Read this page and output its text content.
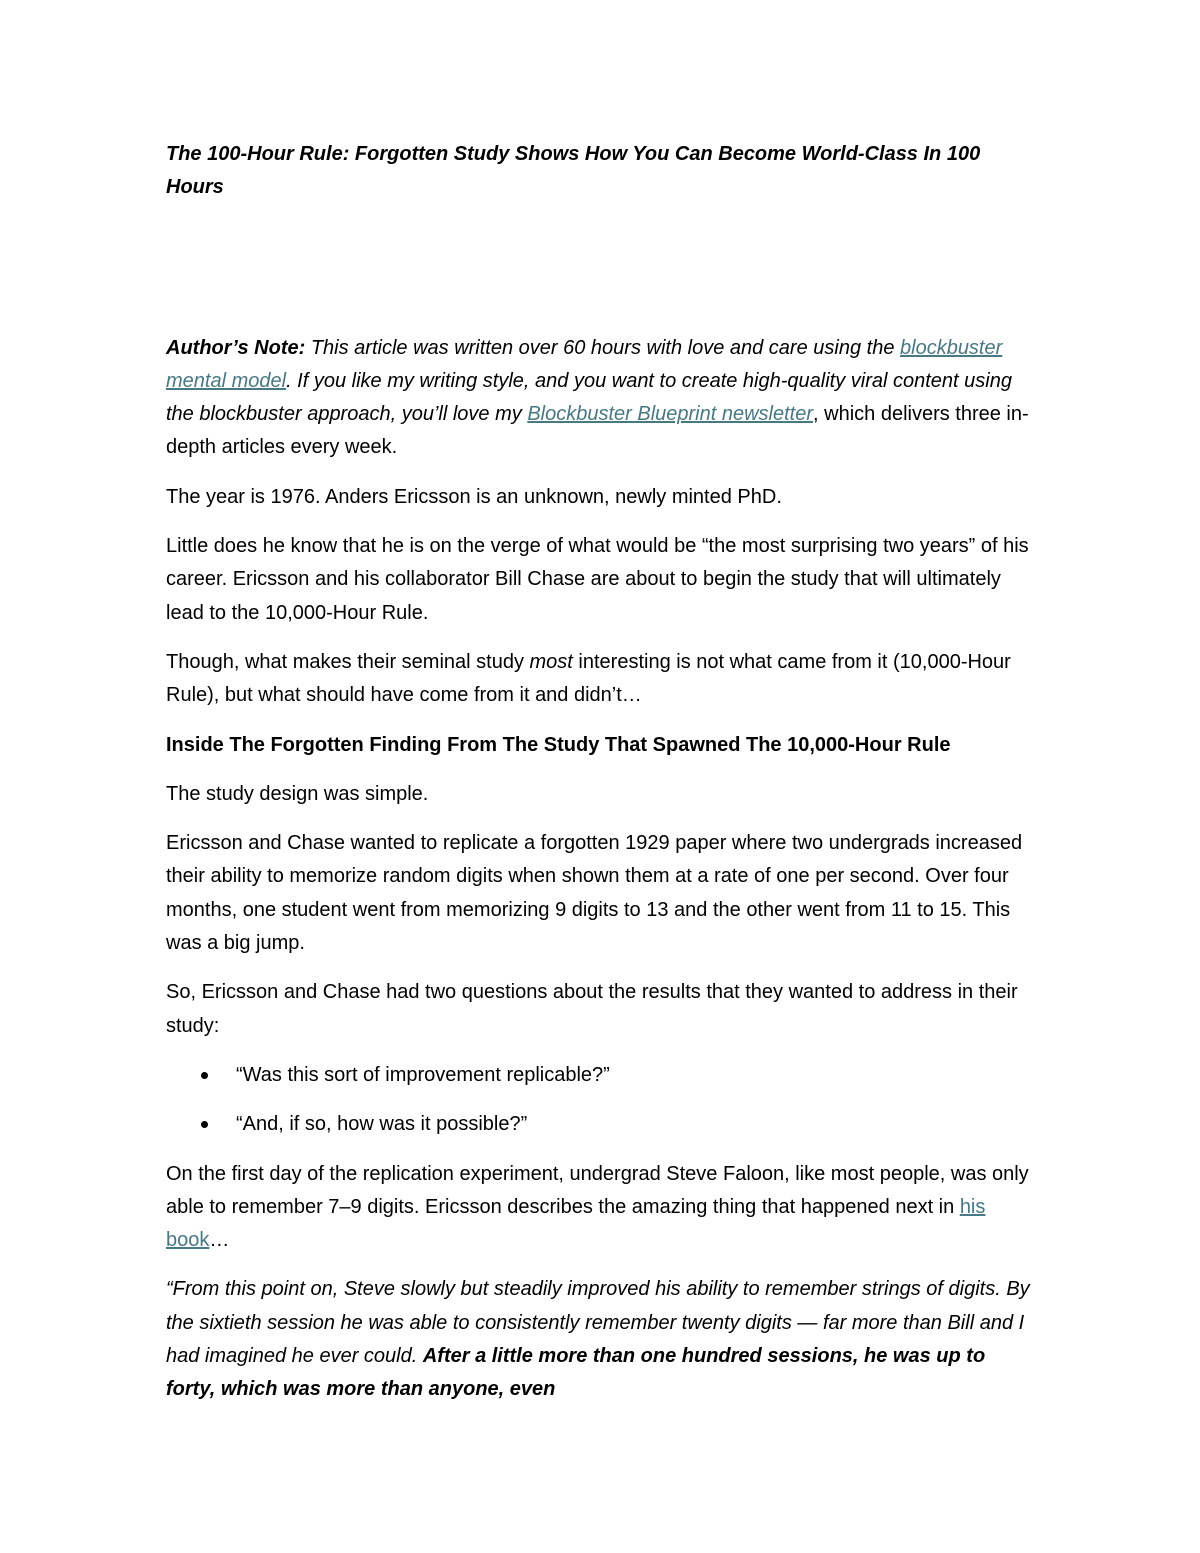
The 100-Hour Rule: Forgotten Study Shows How You Can Become World-Class In 100 Hours

Author’s Note: This article was written over 60 hours with love and care using the blockbuster mental model. If you like my writing style, and you want to create high-quality viral content using the blockbuster approach, you’ll love my Blockbuster Blueprint newsletter, which delivers three in-depth articles every week.

The year is 1976. Anders Ericsson is an unknown, newly minted PhD.

Little does he know that he is on the verge of what would be “the most surprising two years” of his career. Ericsson and his collaborator Bill Chase are about to begin the study that will ultimately lead to the 10,000-Hour Rule.

Though, what makes their seminal study most interesting is not what came from it (10,000-Hour Rule), but what should have come from it and didn’t…

Inside The Forgotten Finding From The Study That Spawned The 10,000-Hour Rule

The study design was simple.

Ericsson and Chase wanted to replicate a forgotten 1929 paper where two undergrads increased their ability to memorize random digits when shown them at a rate of one per second. Over four months, one student went from memorizing 9 digits to 13 and the other went from 11 to 15. This was a big jump.

So, Ericsson and Chase had two questions about the results that they wanted to address in their study:

“Was this sort of improvement replicable?”
“And, if so, how was it possible?”

On the first day of the replication experiment, undergrad Steve Faloon, like most people, was only able to remember 7–9 digits. Ericsson describes the amazing thing that happened next in his book…

“From this point on, Steve slowly but steadily improved his ability to remember strings of digits. By the sixtieth session he was able to consistently remember twenty digits — far more than Bill and I had imagined he ever could. After a little more than one hundred sessions, he was up to forty, which was more than anyone, even
